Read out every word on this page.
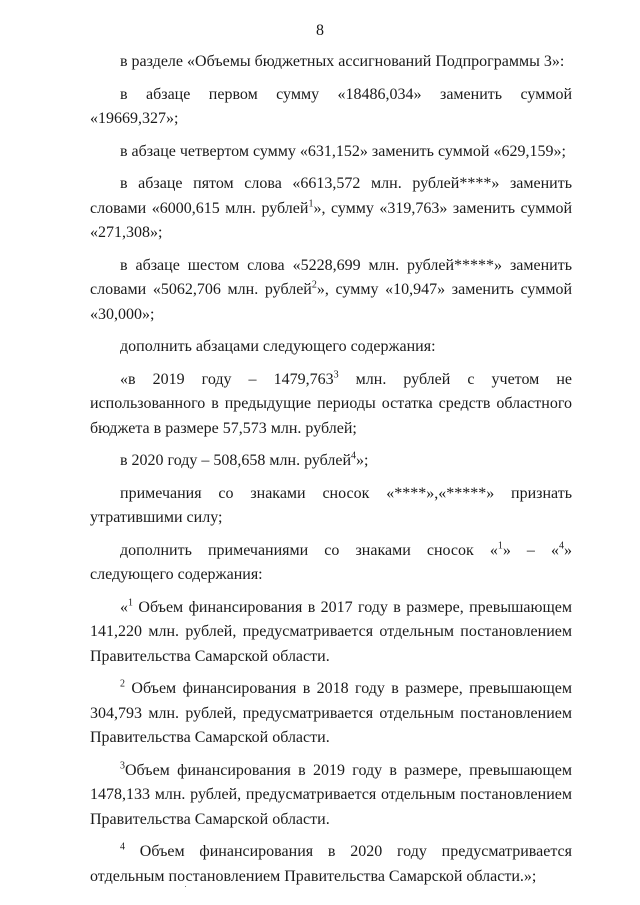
8

в разделе «Объемы бюджетных ассигнований Подпрограммы 3»:

в абзаце первом сумму «18486,034» заменить суммой «19669,327»;

в абзаце четвертом сумму «631,152» заменить суммой «629,159»;

в абзаце пятом слова «6613,572 млн. рублей****» заменить словами «6000,615 млн. рублей$^1$», сумму «319,763» заменить суммой «271,308»;

в абзаце шестом слова «5228,699 млн. рублей*****» заменить словами «5062,706 млн. рублей$^2$», сумму «10,947» заменить суммой «30,000»;

дополнить абзацами следующего содержания:

«в 2019 году – 1479,763$^3$ млн. рублей с учетом не использованного в предыдущие периоды остатка средств областного бюджета в размере 57,573 млн. рублей;

в 2020 году – 508,658 млн. рублей$^4$»;

примечания со знаками сносок «****»,«*****» признать утратившими силу;

дополнить примечаниями со знаками сносок «$^1$» – «$^4$» следующего содержания:

«$^1$ Объем финансирования в 2017 году в размере, превышающем 141,220 млн. рублей, предусматривается отдельным постановлением Правительства Самарской области.

$^2$ Объем финансирования в 2018 году в размере, превышающем 304,793 млн. рублей, предусматривается отдельным постановлением Правительства Самарской области.

$^3$Объем финансирования в 2019 году в размере, превышающем 1478,133 млн. рублей, предусматривается отдельным постановлением Правительства Самарской области.

$^4$ Объем финансирования в 2020 году предусматривается отдельным постановлением Правительства Самарской области.»;
